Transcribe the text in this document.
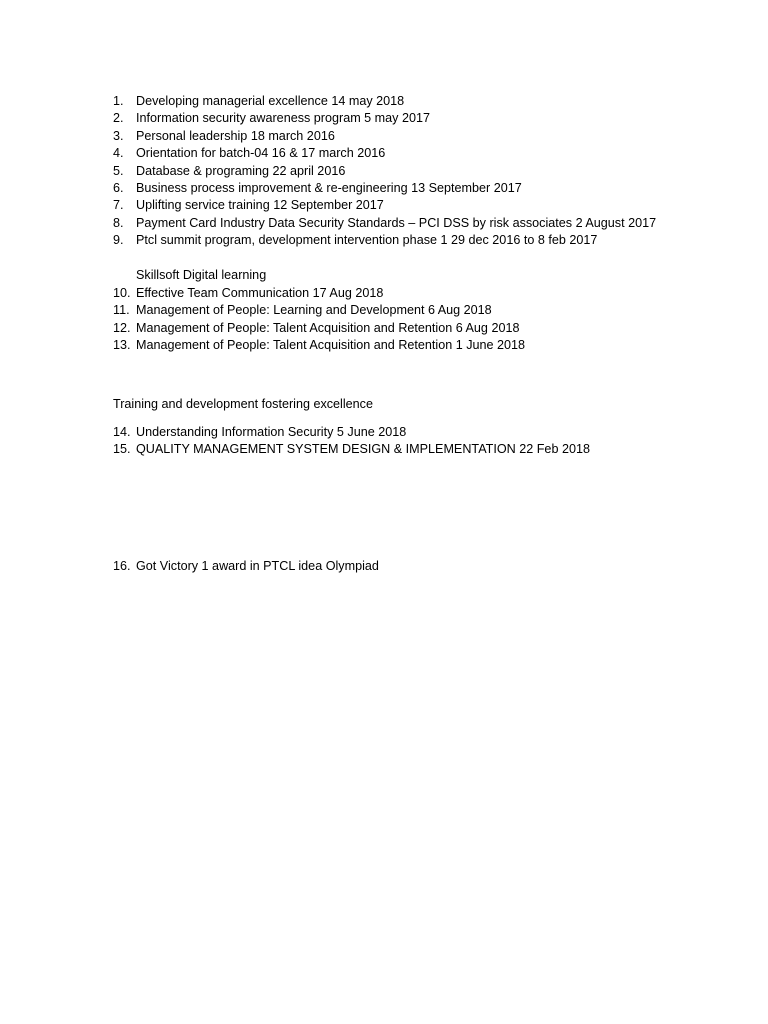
1. Developing managerial excellence 14 may 2018
2. Information security awareness program 5 may 2017
3. Personal leadership 18 march 2016
4. Orientation for batch-04 16 & 17 march 2016
5. Database & programing 22 april 2016
6. Business process improvement & re-engineering 13 September 2017
7. Uplifting service training 12 September 2017
8. Payment Card Industry Data Security Standards – PCI DSS by risk associates 2 August 2017
9. Ptcl summit program, development intervention phase 1 29 dec 2016 to 8 feb 2017
Skillsoft Digital learning
10. Effective Team Communication 17 Aug 2018
11. Management of People: Learning and Development 6 Aug 2018
12. Management of People: Talent Acquisition and Retention 6 Aug 2018
13. Management of People: Talent Acquisition and Retention 1 June 2018
Training and development fostering excellence
14. Understanding Information Security 5 June 2018
15. QUALITY MANAGEMENT SYSTEM DESIGN & IMPLEMENTATION 22 Feb 2018
16. Got Victory 1 award in PTCL idea Olympiad
